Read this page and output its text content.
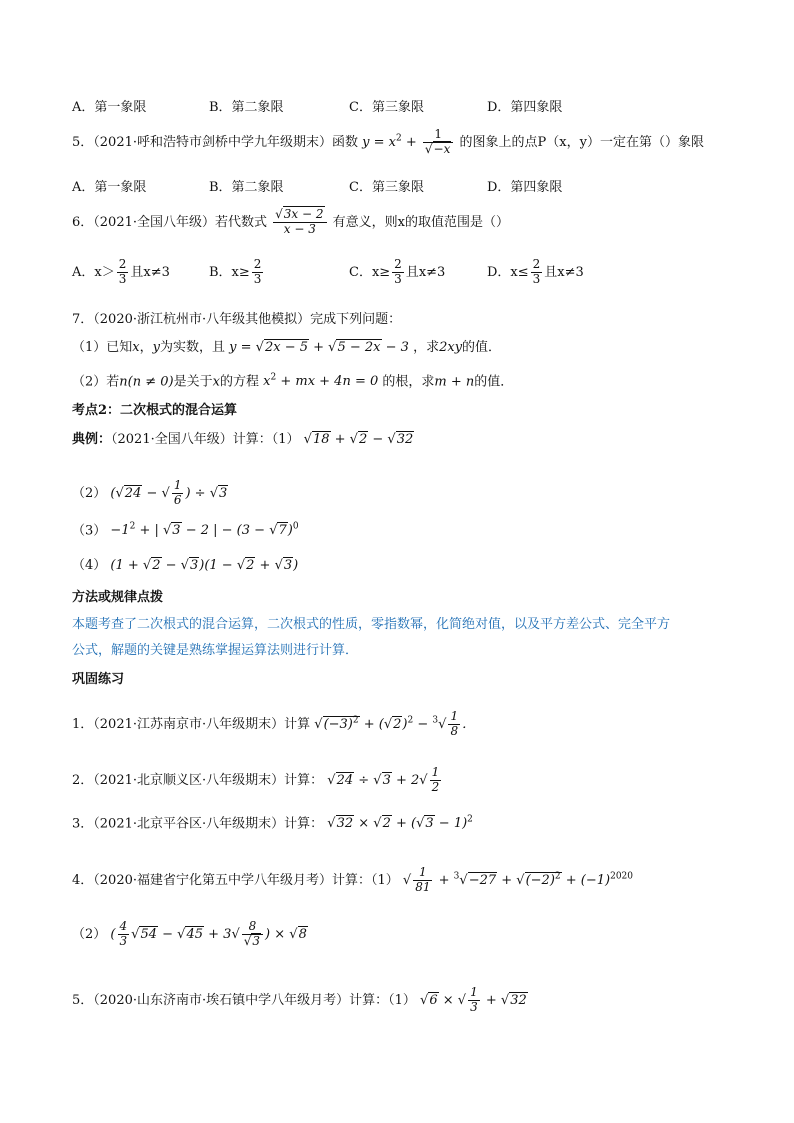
A．第一象限	B．第二象限	C．第三象限	D．第四象限
5．（2021·呼和浩特市剑桥中学九年级期末）函数 $y = x^2 + \frac{1}{√-x}$ 的图象上的点P（x，y）一定在第（）象限
A．第一象限	B．第二象限	C．第三象限	D．第四象限
6．（2021·全国八年级）若代数式 $\frac{√3x - 2}{x - 3}$ 有意义，则x的取值范围是（）
A．$x> \frac{2}{3}$ 且x≠3	B．$x\ge \frac{2}{3}$	C．$x\ge \frac{2}{3}$ 且x≠3	D．$x\le \frac{2}{3}$ 且x≠3
7．（2020·浙江杭州市·八年级其他模拟）完成下列问题：
（1）已知x，y为实数，且 y = √2x − 5 + √5 − 2x − 3 ，求2xy的值．
（2）若n(n ≠ 0)是关于x的方程 $x^2$ + mx + 4n = 0 的根，求m + n的值．
考点2：二次根式的混合运算
典例：（2021·全国八年级）计算：（1） √18 + √2 − √32
（2） (√24 − √ $\frac{1}{6}$ ) ÷ √3
$(3) -1^2$ + | √3 − 2 | − $(3 - √7)^0$
（4） (1 + √2 − √3)(1 − √2 + √3)
方法或规律点拨
本题考查了二次根式的混合运算，二次根式的性质，零指数幂，化简绝对值，以及平方差公式、完全平方
公式，解题的关键是熟练掌握运算法则进行计算．
巩固练习
1．（2021·江苏南京市·八年级期末）计算 $√(-3)^2 + (√2)^2 - ^3√ \frac{1}{8}$ ．
2．（2021·北京顺义区·八年级期末）计算： $√24 \div √3 + 2√ \frac{1}{2}$
3．（2021·北京平谷区·八年级期末）计算： $√32 \times √2 + (√3 - 1)^2$
4．（2020·福建省宁化第五中学八年级月考）计算：（1） √ $\frac{1}{81} + ^3√-27 + √(-2)^2 + (-1)^{2020}$
（2） ( $\frac{4}{3} √54 - √45 + 3√ \frac{8}{√3}$ ) × √8
5．（2020·山东济南市·埃石镇中学八年级月考）计算：（1） √6 × √ $\frac{1}{3} + √32$
